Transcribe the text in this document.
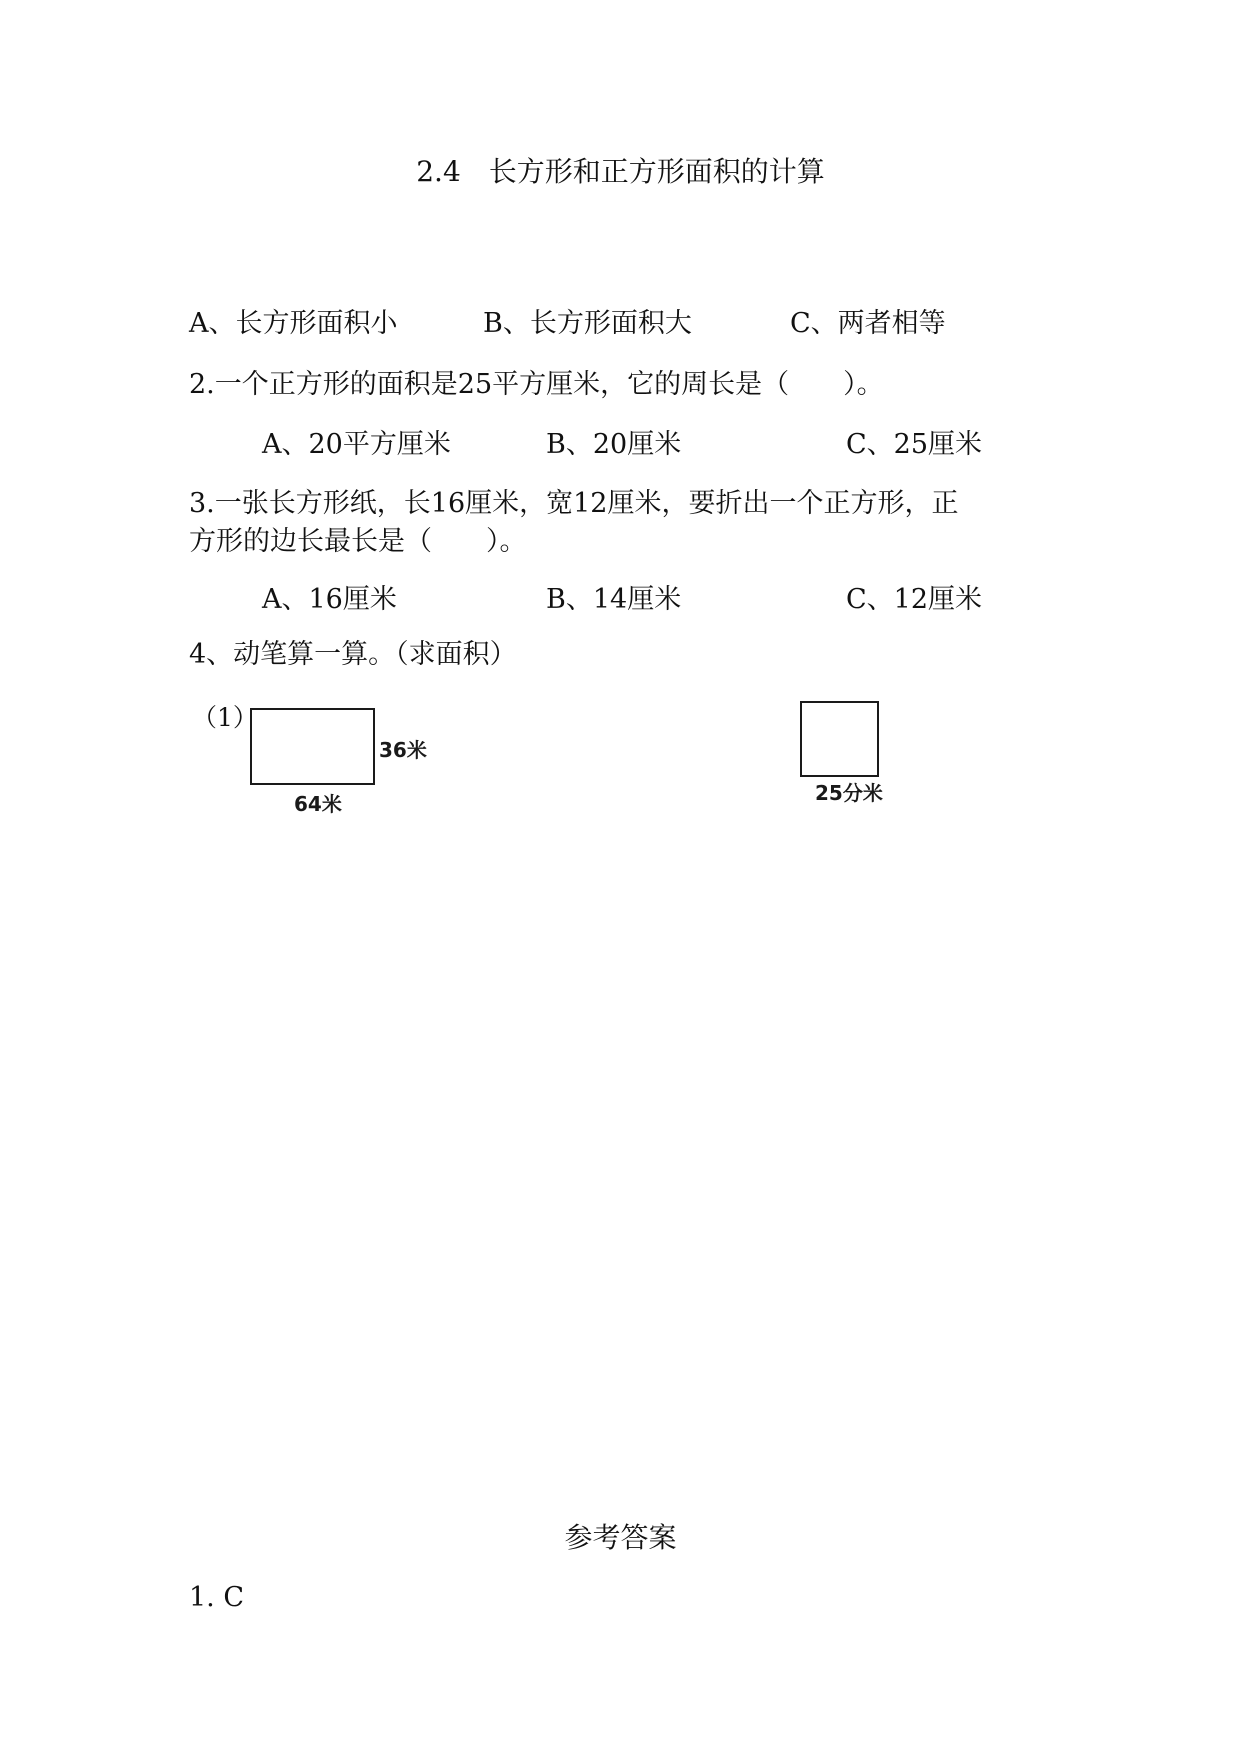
2.4　长方形和正方形面积的计算
A、长方形面积小	B、长方形面积大	C、两者相等
2.一个正方形的面积是25平方厘米，它的周长是（　　）。
A、20平方厘米	B、20厘米	C、25厘米
3.一张长方形纸，长16厘米，宽12厘米，要折出一个正方形，正
方形的边长最长是（　　）。
A、16厘米	B、14厘米	C、12厘米
4、动笔算一算。（求面积）
（1）
36米
64米	25分米
参考答案
1. C
